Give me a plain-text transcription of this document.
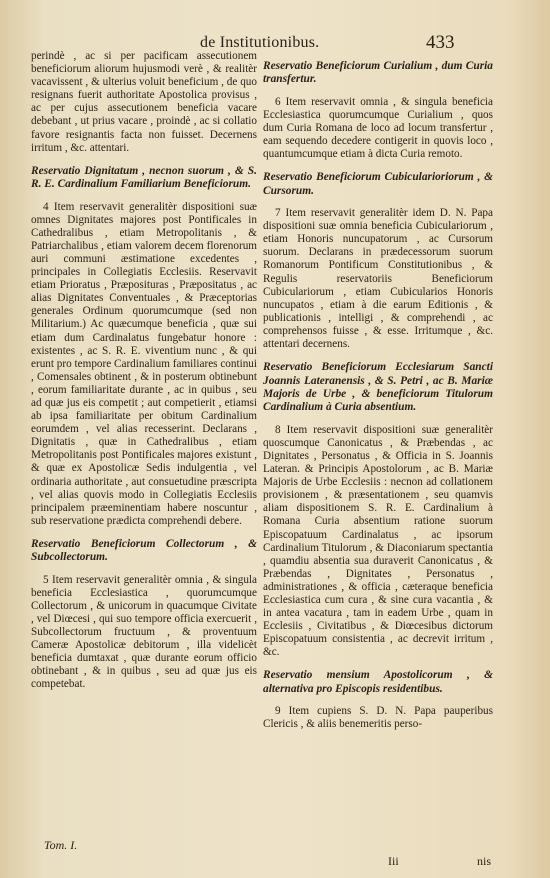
de Institutionibus.	433
perindè , ac si per pacificam assecutionem beneficiorum aliorum hujusmodi verè , & realitèr vacavissent , & ulterius voluit beneficium , de quo resignans fuerit authoritate Apostolica provisus , ac per cujus assecutionem beneficia vacare debebant , ut prius vacare , proindè , ac si collatio favore resignantis facta non fuisset. Decernens irritum , &c. attentari.
Reservatio Dignitatum , necnon suorum , & S. R. E. Cardinalium Familiarium Beneficiorum.
4 Item reservavit generalitèr dispositioni suæ omnes Dignitates majores post Pontificales in Cathedralibus , etiam Metropolitanis , & Patriarchalibus , etiam valorem decem florenorum auri communi æstimatione excedentes , principales in Collegiatis Ecclesiis. Reservavit etiam Prioratus , Præposituras , Præpositatus , ac alias Dignitates Conventuales , & Præceptorias generales Ordinum quorumcumque (sed non Militarium.) Ac quæcumque beneficia , quæ sui etiam dum Cardinalatus fungebatur honore : existentes , ac S. R. E. viventium nunc , & qui erunt pro tempore Cardinalium familiares continui , Comensales obtinent , & in posterum obtinebunt , eorum familiaritate durante , ac in quibus , seu ad quæ jus eis competit ; aut competierit , etiamsi ab ipsa familiaritate per obitum Cardinalium eorumdem , vel alias recesserint. Declarans , Dignitatis , quæ in Cathedralibus , etiam Metropolitanis post Pontificales majores existunt , & quæ ex Apostolicæ Sedis indulgentia , vel ordinaria authoritate , aut consuetudine præscripta , vel alias quovis modo in Collegiatis Ecclesiis principalem præeminentiam habere noscuntur , sub reservatione prædicta comprehendi debere.
Reservatio Beneficiorum Collectorum , & Subcollectorum.
5 Item reservavit generalitèr omnia , & singula beneficia Ecclesiastica , quorumcumque Collectorum , & unicorum in quacumque Civitate , vel Diœcesi , qui suo tempore officia exercuerit , Subcollectorum fructuum , & proventuum Cameræ Apostolicæ debitorum , illa videlicèt beneficia dumtaxat , quæ durante eorum officio obtinebant , & in quibus , seu ad quæ jus eis competebat.
Reservatio Beneficiorum Curialium , dum Curia transfertur.
6 Item reservavit omnia , & singula beneficia Ecclesiastica quorumcumque Curialium , quos dum Curia Romana de loco ad locum transfertur , eam sequendo decedere contigerit in quovis loco , quantumcumque etiam à dicta Curia remoto.
Reservatio Beneficiorum Cubicularioriorum , & Cursorum.
7 Item reservavit generalitèr idem D. N. Papa dispositioni suæ omnia beneficia Cubiculariorum , etiam Honoris nuncupatorum , ac Cursorum suorum. Declarans in prædecessorum suorum Romanorum Pontificum Constitutionibus , & Regulis reservatoriis Beneficiorum Cubiculariorum , etiam Cubicularios Honoris nuncupatos , etiam à die earum Editionis , & publicationis , intelligi , & comprehendi , ac comprehensos fuisse , & esse. Irritumque , &c. attentari decernens.
Reservatio Beneficiorum Ecclesiarum Sancti Joannis Lateranensis , & S. Petri , ac B. Mariæ Majoris de Urbe , & beneficiorum Titulorum Cardinalium à Curia absentium.
8 Item reservavit dispositioni suæ generalitèr quoscumque Canonicatus , & Præbendas , ac Dignitates , Personatus , & Officia in S. Joannis Lateran. & Principis Apostolorum , ac B. Mariæ Majoris de Urbe Ecclesiis : necnon ad collationem provisionem , & præsentationem , seu quamvis aliam dispositionem S. R. E. Cardinalium à Romana Curia absentium ratione suorum Episcopatuum Cardinalatus , ac ipsorum Cardinalium Titulorum , & Diaconiarum spectantia , quamdiu absentia sua duraverit Canonicatus , & Præbendas , Dignitates , Personatus , administrationes , & officia , cæteraque beneficia Ecclesiastica cum cura , & sine cura vacantia , & in antea vacatura , tam in eadem Urbe , quam in Ecclesiis , Civitatibus , & Diœcesibus dictorum Episcopatuum consistentia , ac decrevit irritum , &c.
Reservatio mensium Apostolicorum , & alternativa pro Episcopis residentibus.
9 Item cupiens S. D. N. Papa pauperibus Clericis , & aliis benemeritis perso-
Tom. I.
Iii	nis
